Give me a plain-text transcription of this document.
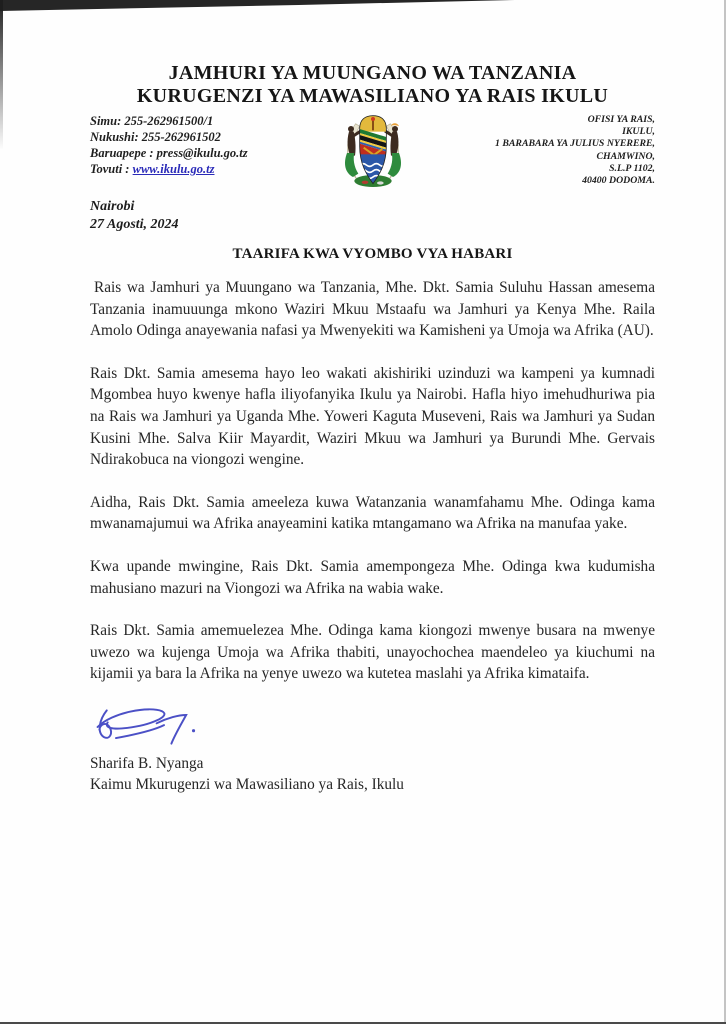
JAMHURI YA MUUNGANO WA TANZANIA
KURUGENZI YA MAWASILIANO YA RAIS IKULU
Simu: 255-262961500/1
Nukushi: 255-262961502
Baruapepe : press@ikulu.go.tz
Tovuti : www.ikulu.go.tz
OFISI YA RAIS,
IKULU,
1 BARABARA YA JULIUS NYERERE,
CHAMWINO,
S.L.P 1102,
40400 DODOMA.
Nairobi
27 Agosti, 2024
TAARIFA KWA VYOMBO VYA HABARI

Rais wa Jamhuri ya Muungano wa Tanzania, Mhe. Dkt. Samia Suluhu Hassan amesema Tanzania inamuuunga mkono Waziri Mkuu Mstaafu wa Jamhuri ya Kenya Mhe. Raila Amolo Odinga anayewania nafasi ya Mwenyekiti wa Kamisheni ya Umoja wa Afrika (AU).

Rais Dkt. Samia amesema hayo leo wakati akishiriki uzinduzi wa kampeni ya kumnadi Mgombea huyo kwenye hafla iliyofanyika Ikulu ya Nairobi. Hafla hiyo imehudhuriwa pia na Rais wa Jamhuri ya Uganda Mhe. Yoweri Kaguta Museveni, Rais wa Jamhuri ya Sudan Kusini Mhe. Salva Kiir Mayardit, Waziri Mkuu wa Jamhuri ya Burundi Mhe. Gervais Ndirakobuca na viongozi wengine.

Aidha, Rais Dkt. Samia ameeleza kuwa Watanzania wanamfahamu Mhe. Odinga kama mwanamajumui wa Afrika anayeamini katika mtangamano wa Afrika na manufaa yake.

Kwa upande mwingine, Rais Dkt. Samia amempongeza Mhe. Odinga kwa kudumisha mahusiano mazuri na Viongozi wa Afrika na wabia wake.

Rais Dkt. Samia amemuelezea Mhe. Odinga kama kiongozi mwenye busara na mwenye uwezo wa kujenga Umoja wa Afrika thabiti, unayochochea maendeleo ya kiuchumi na kijamii ya bara la Afrika na yenye uwezo wa kutetea maslahi ya Afrika kimataifa.

Sharifa B. Nyanga
Kaimu Mkurugenzi wa Mawasiliano ya Rais, Ikulu
